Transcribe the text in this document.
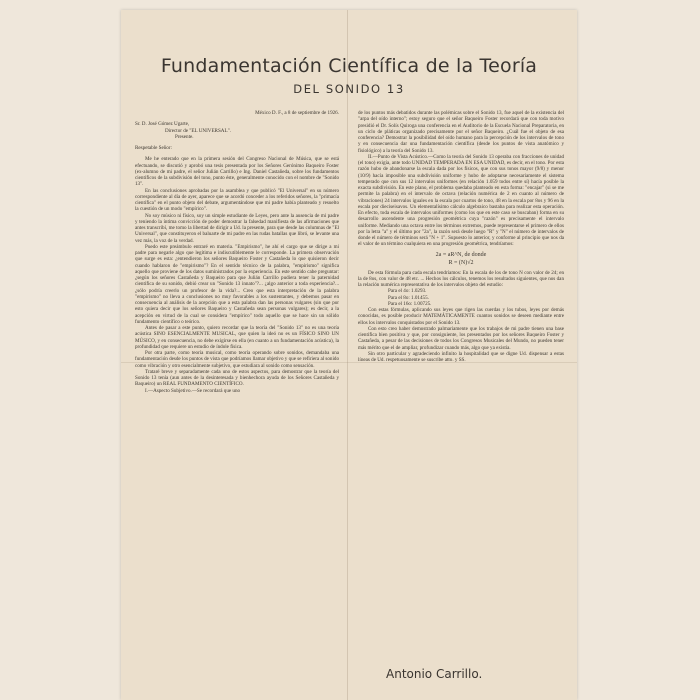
Fundamentación Científica de la Teoría
DEL SONIDO 13

México D. F., a 8 de septiembre de 1926.

Sr. D. José Gómez Ugarte,

Director de "EL UNIVERSAL".

Presente.

Respetable Señor:

Me he enterado que en la primera sesión del Congreso Nacional de Música, que se está efectuando, se discutió y aprobó una tesis presentada por los Señores Gerónimo Baqueiro Foster (ex-alumno de mi padre, el señor Julián Carrillo) e Ing. Daniel Castañeda, sobre los fundamentos científicos de la subdivisión del tono, punto éste, generalmente conocido con el nombre de "Sonido 13".

En las conclusiones aprobadas por la asamblea y que publicó "El Universal" en su número correspondiente al día de ayer, aparece que se acordó conceder a los referidos señores, la "primacía científica" en el punto objeto del debate, argumentándose que mi padre había planteado y resuelto la cuestión de un modo "empírico".

No soy músico ni físico, soy un simple estudiante de Leyes, pero ante la ausencia de mi padre y teniendo la íntima convicción de poder demostrar la falsedad manifiesta de las afirmaciones que antes transcribí, me tomo la libertad de dirigir a Ud. la presente, para que desde las columnas de "El Universal", que constituyeron el baluarte de mi padre en las rudas batallas que libró, se levante una vez más, la voz de la verdad.

Puedo este preámbulo entraré en materia. "Empirismo", he ahí el cargo que se dirige a mi padre para negarle algo que legítima e indiscutiblemente le corresponde. La primera observación que surge es esta: ¿entendieron los señores Baqueiro Foster y Castañeda lo que quisieron decir cuando hablaron de "empirismo"? En el sentido técnico de la palabra, "empirismo" significa aquello que proviene de los datos suministrados por la experiencia. En este sentido cabe preguntar: ¿según los señores Castañeda y Baqueiro para que Julián Carrillo pudiera tener la paternidad científica de su sonido, debió crear un "Sonido 13 innato"?... ¿algo anterior a toda experiencia?... ¿sólo podría creerlo un profesor de la vida?... Creo que esta interpretación de la palabra "empirismo" no lleva a conclusiones no muy favorables a los sustentantes, y debemos pasar en consecuencia al análisis de la acepción que a esta palabra dan las personas vulgares (sin que por esto quiera decir que los señores Baqueiro y Castañeda sean personas vulgares); es decir, a la acepción en virtud de la cual se considera "empírico" todo aquello que se hace sin un sólido fundamento científico o teórico.

Antes de pasar a este punto, quiero recordar que la teoría del "Sonido 13" no es una teoría acústica SINO ESENCIALMENTE MUSICAL, que quien la ideó no es un FÍSICO SINO UN MÚSICO, y en consecuencia, no debe exigirse en ella (en cuanto a un fundamentación acústica), la profundidad que requiere un estudio de índole física.

Por otra parte, como teoría musical, como teoría operando sobre sonidos, demandaba una fundamentación desde los puntos de vista que podríamos llamar objetivo y que se refiriera al sonido como vibración y otro esencialmente subjetivo, que estudiara al sonido como sensación.

Trataré breve y separadamente cada uno de estos aspectos, para demostrar que la teoría del Sonido 13 tenía (aun antes de la desinteresada y bienhechora ayuda de los Señores Castañeda y Baqueiro) un REAL FUNDAMENTO CIENTÍFICO.

I.—Aspecto Subjetivo.—Se recordará que uno

de los puntos más debatidos durante las polémicas sobre el Sonido 13, fue aquel de la existencia del "arpa del oído interno"; estoy seguro que el señor Baqueiro Foster recordará que con toda motivo presidió el Dr. Solís Quiroga una conferencia en el Auditorio de la Escuela Nacional Preparatoria, en un ciclo de pláticas organizado precisamente por el señor Baqueiro. ¿Cuál fue el objeto de esa conferencia? Demostrar la posibilidad del oído humano para la percepción de los intervalos de tono y en consecuencia dar una fundamentación científica (desde los puntos de vista anatómico y fisiológico) a la teoría del Sonido 13.

II.—Punto de Vista Acústico.—Como la teoría del Sonido 13 operaba con fracciones de unidad (el tono) exigía, ante todo UNIDAD TEMPERADA EN ESA UNIDAD, es decir, en el tono. Por esta razón hubo de abandonarse la escala dada por los físicos, que con sus tonos mayor (9/8) y menor (10/9) hacía imposible una subdivisión uniforme y hubo de adoptarse necesariamente el sistema temperado que con sus 12 intervalos uniformes (en relación 1.059 todos entre sí) hacía posible la exacta subdivisión. En este plano, el problema quedaba planteado en esta forma: "encajar" (si se me permite la palabra) en el intervalo de octava (relación numérica de 2 en cuanto al número de vibraciones) 24 intervalos iguales en la escala por cuartos de tono, 48 en la escala por 8os y 96 en la escala por dieciseisavos. Un elementalísimo cálculo algebraico bastaba para realizar esta operación. En efecto, toda escala de intervalos uniformes (como los que en este caso se buscaban) forma en su desarrollo ascendente una progresión geométrica cuya "razón" es precisamente el intervalo uniforme. Mediando una octava entre los términos extremos, puede representarse el primero de ellos por la letra "a" y el último por "2a", la razón será desde luego "R" y "N" el número de intervalos de donde el número de términos será "N + 1". Supuesto lo anterior, y conforme al principio que nos da el valor de un término cualquiera en una progresión geométrica, tendríamos:

2a = aR^N, de donde
R = (N)√2

De esta fórmula para cada escala tendríamos: En la escala de los de tono N con valor de 24; en la de 8os, con valor de 48 etc. ... Hechos los cálculos, tenemos los resultados siguientes, que nos dan la relación numérica representativa de los intervalos objeto del estudio:

Para el 4o: 1.0293.

Para el 8o: 1.01455.

Para el 16o: 1.00725.

Con estas fórmulas, aplicando sus leyes que rigen las cuerdas y los tubos, leyes por demás conocidas, es posible producir MATEMÁTICAMENTE cuantos sonidos se deseen mediante entre ellos los intervalos conquistados por el Sonido 13.

Con esto creo haber demostrado palmariamente que los trabajos de mi padre tienen una base científica bien positiva y que, por consiguiente, los presentados por los señores Baqueiro Foster y Castañeda, a pesar de las decisiones de todos los Congresos Musicales del Mundo, no pueden tener más mérito que el de ampliar, profundizar cuando más, algo que ya existía.

Sin otro particular y agradeciendo infinito la hospitalidad que se digne Ud. dispensar a estas líneas de Ud. respetuosamente se suscribe atto. y SS.

Antonio Carrillo.
